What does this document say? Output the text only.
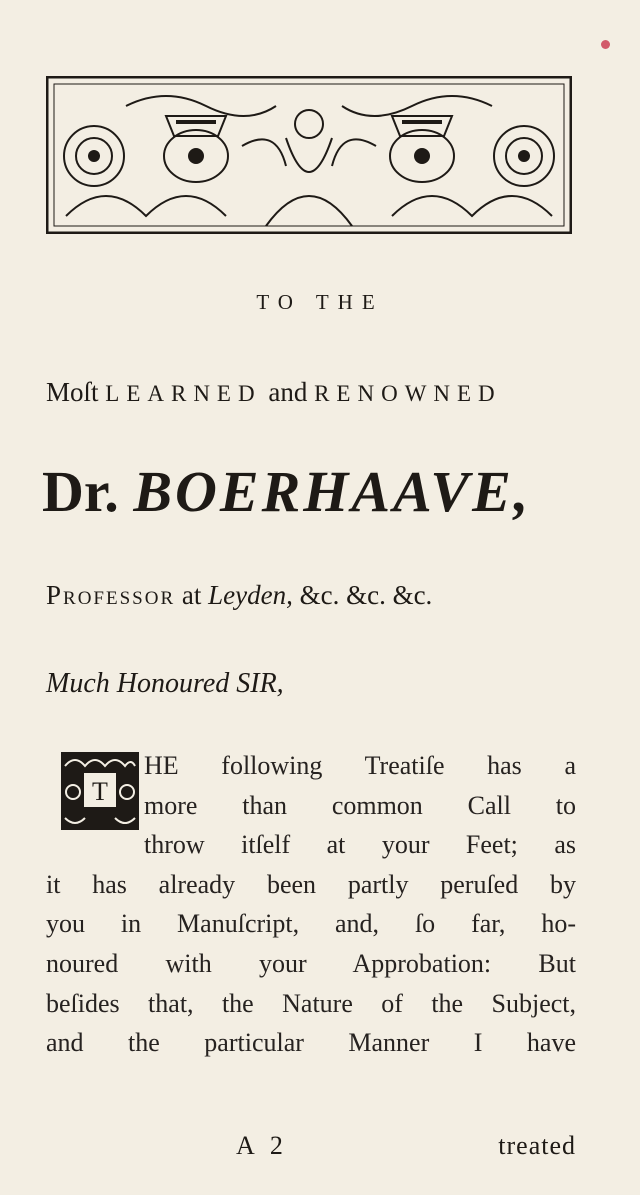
TO THE
Moſt LEARNED and RENOWNED
Dr. BOERHAAVE,
Professor at Leyden, &c. &c. &c.
Much Honoured SIR,
T
HE following Treatiſe has a
more than common Call to
throw itſelf at your Feet; as
it has already been partly peruſed by
you in Manuſcript, and, ſo far, ho-
noured with your Approbation: But
beſides that, the Nature of the Subject,
and the particular Manner I have
A 2	treated
